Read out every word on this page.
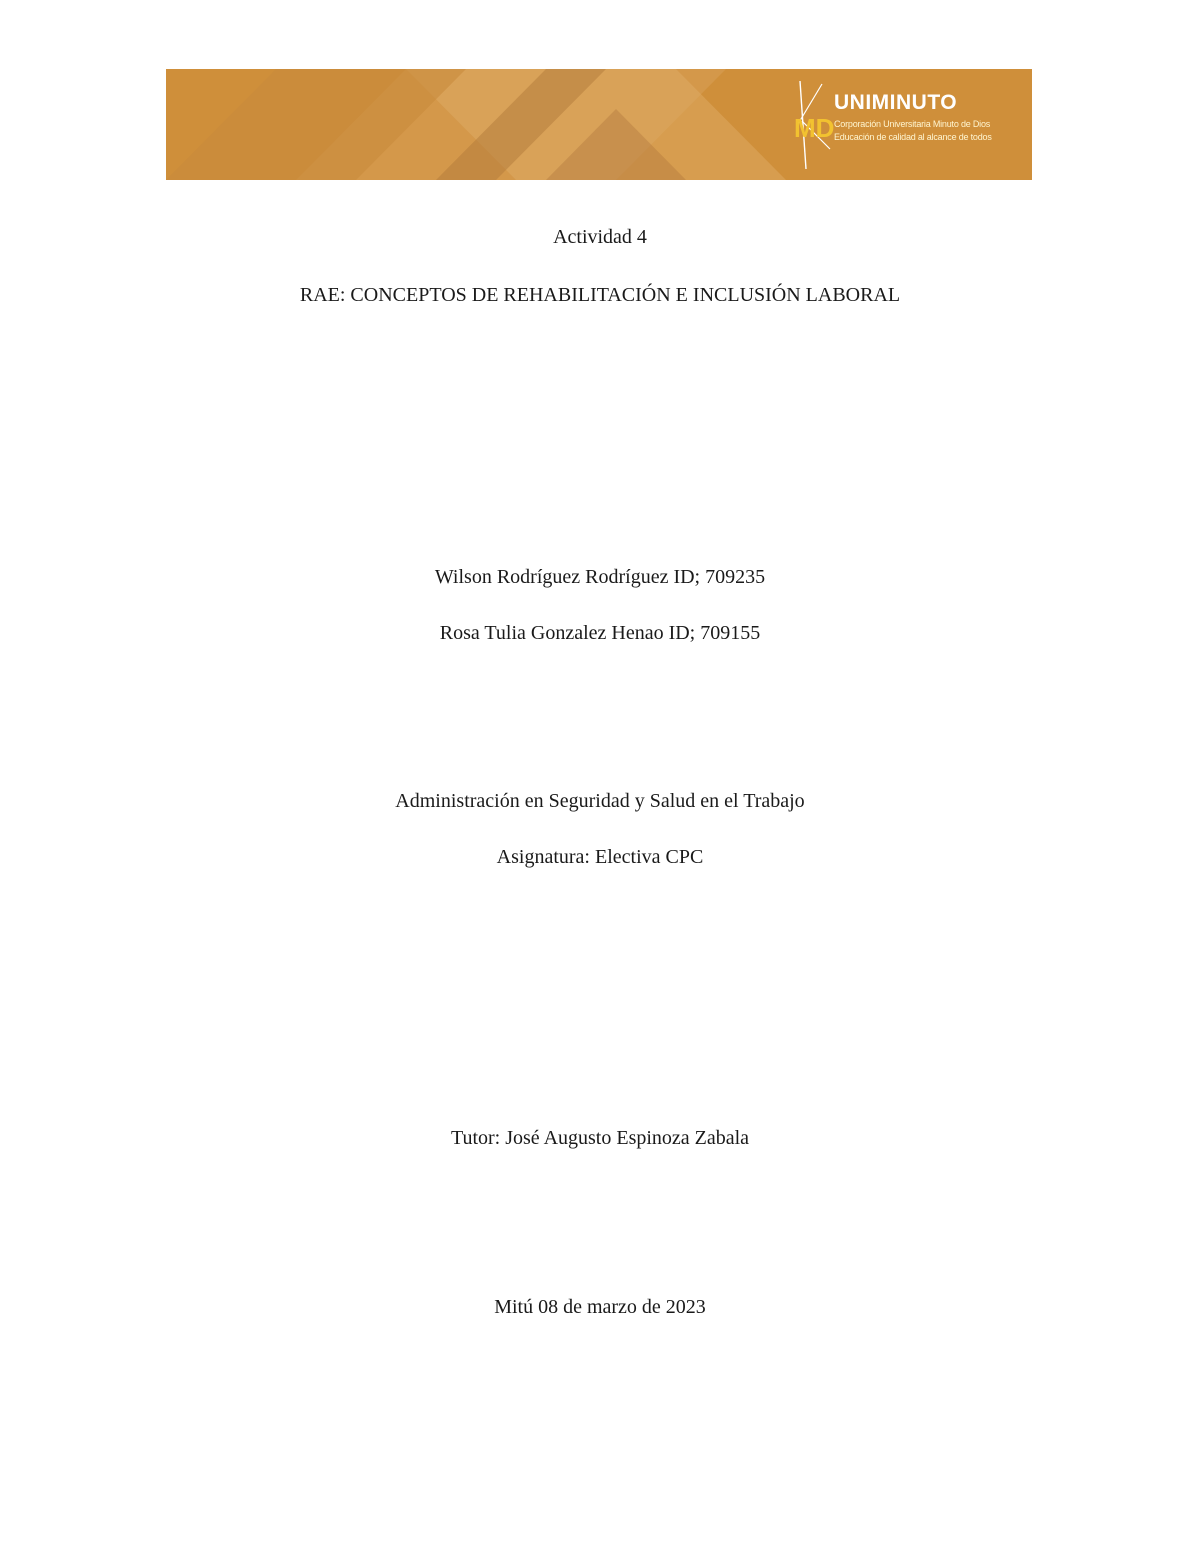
MD
UNIMINUTO
Corporación Universitaria Minuto de Dios
Educación de calidad al alcance de todos
Actividad 4
RAE: CONCEPTOS DE REHABILITACIÓN E INCLUSIÓN LABORAL
Wilson Rodríguez Rodríguez ID; 709235
Rosa Tulia Gonzalez Henao ID; 709155
Administración en Seguridad y Salud en el Trabajo
Asignatura: Electiva CPC
Tutor: José Augusto Espinoza Zabala
Mitú 08 de marzo de 2023
